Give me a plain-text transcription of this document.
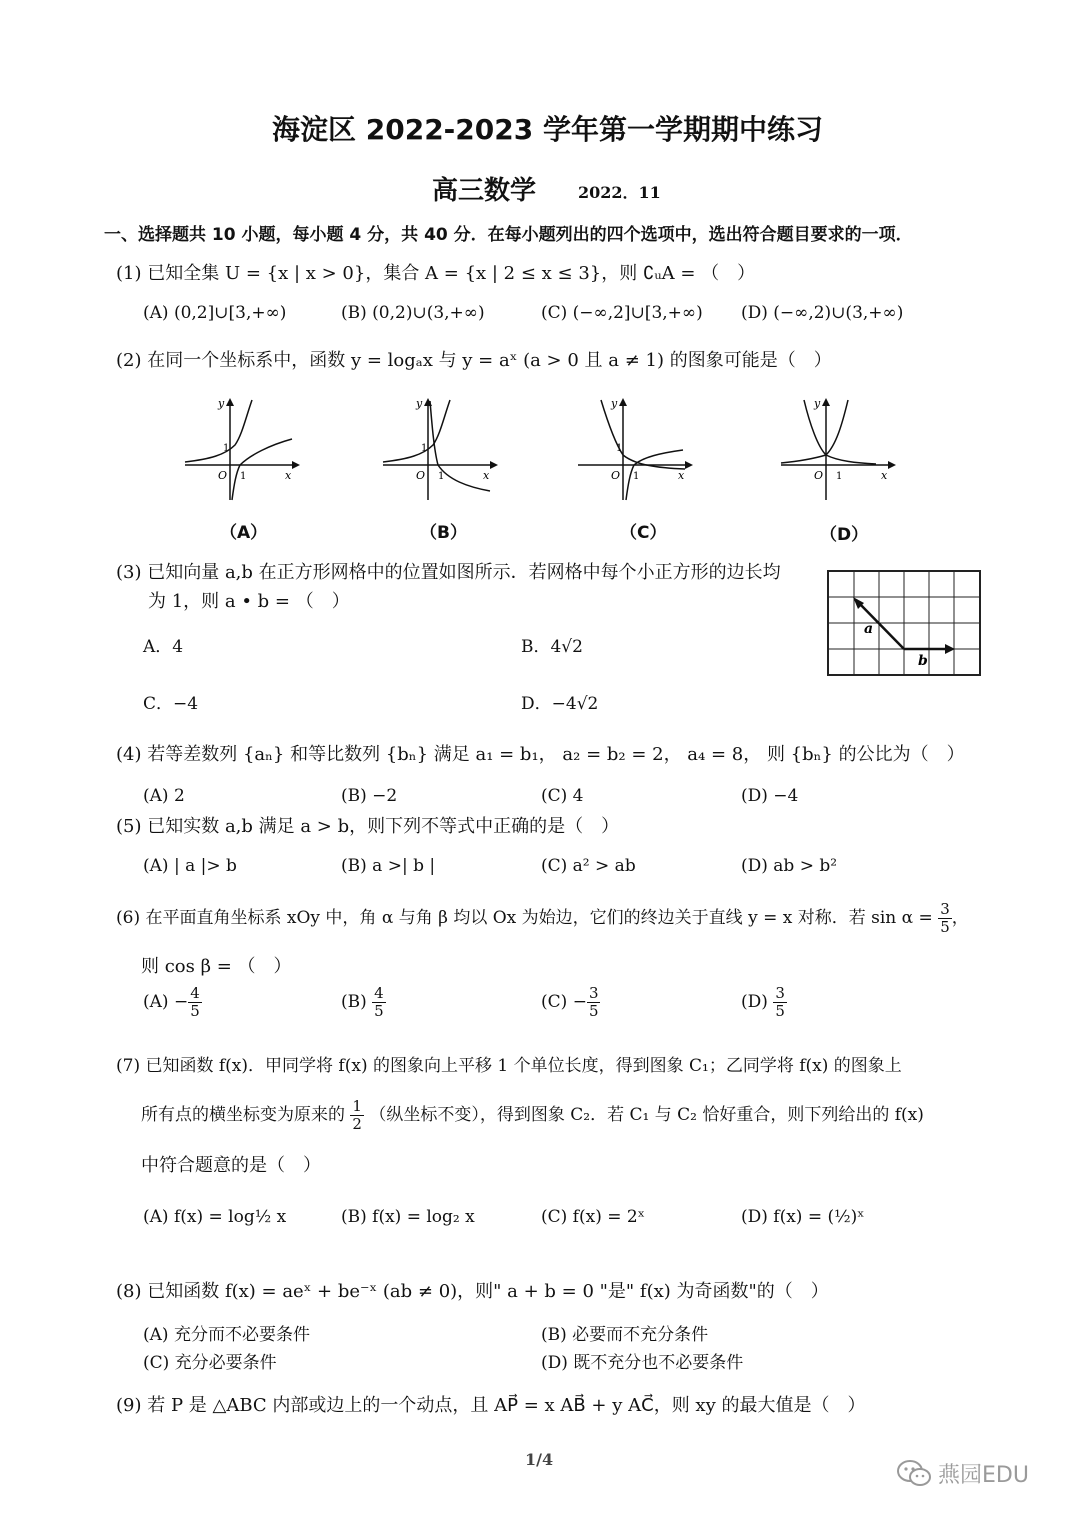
海淀区 2022-2023 学年第一学期期中练习
高三数学	2022．11
一、选择题共 10 小题，每小题 4 分，共 40 分．在每小题列出的四个选项中，选出符合题目要求的一项．
(1) 已知全集 U = {x | x > 0}，集合 A = {x | 2 ≤ x ≤ 3}，则 ∁ᵤA = （　）
(A) (0,2]∪[3,+∞)	(B) (0,2)∪(3,+∞)	(C) (−∞,2]∪[3,+∞) (D) (−∞,2)∪(3,+∞)
(2) 在同一个坐标系中，函数 y = logₐx 与 y = aˣ (a > 0 且 a ≠ 1) 的图象可能是（　）
y
x
O
1
1
（A）
y
x
O
1
1
（B）
y
x
O
1
1
（C）
y
x
O 1
（D）
(3) 已知向量 a,b 在正方形网格中的位置如图所示．若网格中每个小正方形的边长均
为 1，则 a • b = （　）
A．4	B．4√2
C．−4	D．−4√2
a
b
(4) 若等差数列 {aₙ} 和等比数列 {bₙ} 满足 a₁ = b₁， a₂ = b₂ = 2， a₄ = 8， 则 {bₙ} 的公比为（　）
(A) 2	(B) −2	(C) 4	(D) −4
(5) 已知实数 a,b 满足 a > b，则下列不等式中正确的是（　）
(A) | a |> b	(B) a >| b |	(C) a² > ab	(D) ab > b²
(6) 在平面直角坐标系 xOy 中，角 α 与角 β 均以 Ox 为始边，它们的终边关于直线 y = x 对称．若 $\sin \alpha = \frac{3}{5}$ ，
则 cos β = （　）
$(A) - \frac{4}{5}$	$(B) \frac{4}{5}$	$(C) - \frac{3}{5}$	$(D) \frac{3}{5}$
(7) 已知函数 f(x)．甲同学将 f(x) 的图象向上平移 1 个单位长度，得到图象 C₁；乙同学将 f(x) 的图象上
所有点的横坐标变为原来的 $\frac{1}{2}$ （纵坐标不变），得到图象 C₂．若 C₁ 与 C₂ 恰好重合，则下列给出的 f(x)
中符合题意的是（　）
(A) f(x) = log½ x	(B) f(x) = log₂ x	(C) f(x) = 2ˣ	(D) f(x) = (½)ˣ
(8) 已知函数 f(x) = aeˣ + be⁻ˣ (ab ≠ 0)，则" a + b = 0 "是" f(x) 为奇函数"的（　）
(A) 充分而不必要条件	(B) 必要而不充分条件
(C) 充分必要条件	(D) 既不充分也不必要条件
(9) 若 P 是 △ABC 内部或边上的一个动点，且 AP⃗ = x AB⃗ + y AC⃗，则 xy 的最大值是（　）
1/4
燕园EDU
